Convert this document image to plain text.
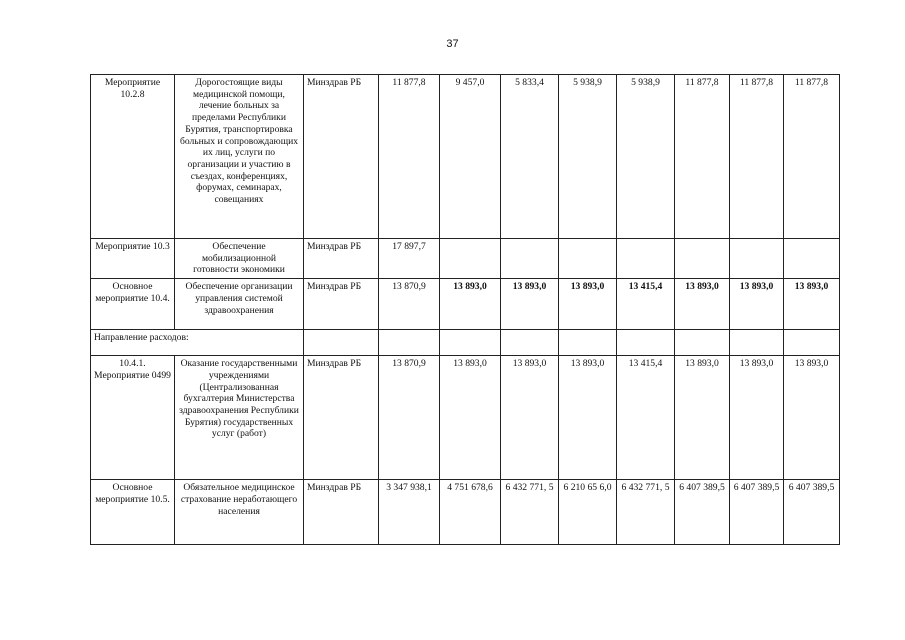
37
Мероприятие 10.2.8	Дорогостоящие виды медицинской помощи, лечение больных за пределами Республики Бурятия, транспортировка больных и сопровождающих их лиц, услуги по организации и участию в съездах, конференциях, форумах, семинарах, совещаниях	Минздрав РБ	11 877,8	9 457,0	5 833,4	5 938,9	5 938,9	11 877,8	11 877,8	11 877,8
Мероприятие 10.3	Обеспечение мобилизационной готовности экономики	Минздрав РБ	17 897,7							
Основное мероприятие 10.4.	Обеспечение организации управления системой здравоохранения	Минздрав РБ	13 870,9	13 893,0	13 893,0	13 893,0	13 415,4	13 893,0	13 893,0	13 893,0
Направление расходов:										
10.4.1. Мероприятие 0499	Оказание государственными учреждениями (Централизованная бухгалтерия Министерства здравоохранения Республики Бурятия) государственных услуг (работ)	Минздрав РБ	13 870,9	13 893,0	13 893,0	13 893,0	13 415,4	13 893,0	13 893,0	13 893,0
Основное мероприятие 10.5.	Обязательное медицинское страхование неработающего населения	Минздрав РБ	3 347 938,1	4 751 678,6	6 432 771, 5	6 210 65 6,0	6 432 771, 5	6 407 389,5	6 407 389,5	6 407 389,5
